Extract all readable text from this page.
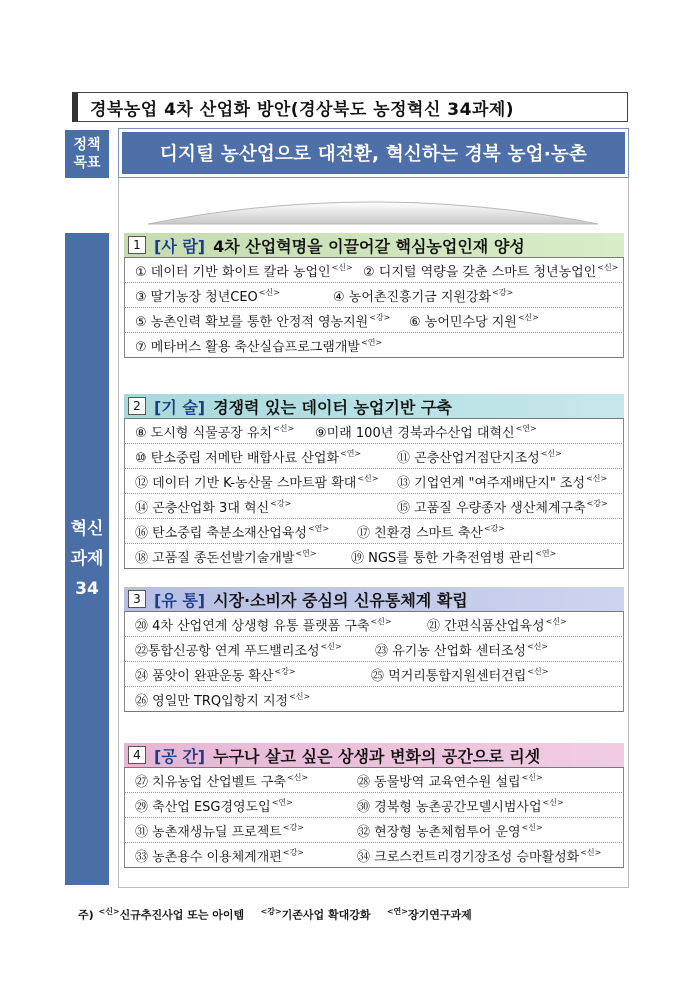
경북농업 4차 산업화 방안(경상북도 농정혁신 34과제)
정책
목표	디지털 농산업으로 대전환, 혁신하는 경북 농업·농촌
혁신
과제
34
1 [사 람] 4차 산업혁명을 이끌어갈 핵심농업인재 양성
① 데이터 기반 화이트 칼라 농업인$^{<신>}$ ② 디지털 역량을 갖춘 스마트 청년농업인$^{<신>}$
③ 딸기농장 청년$CEO^{<신>}$	④ 농어촌진흥기금 지원강화$^{<강>}$
⑤ 농촌인력 확보를 통한 안정적 영농지원$^{<강>}$ ⑥ 농어민수당 지원$^{<신>}$
⑦ 메타버스 활용 축산실습프로그램개발$^{<연>}$
2 [기 술] 경쟁력 있는 데이터 농업기반 구축
⑧ 도시형 식물공장 유치$^{<신>}$ ⑨미래 100년 경북과수산업 대혁신$^{<연>}$
⑩ 탄소중립 저메탄 배합사료 산업화$^{<연>}$	⑪ 곤충산업거점단지조성$^{<신>}$
⑫ 데이터 기반 K-농산물 스마트팜 확대$^{<신>}$ ⑬ 기업연계 "여주재배단지" 조성$^{<신>}$
⑭ 곤충산업화 3대 혁신$^{<강>}$	⑮ 고품질 우량종자 생산체계구축$^{<강>}$
⑯ 탄소중립 축분소재산업육성$^{<연>}$ ⑰ 친환경 스마트 축산$^{<강>}$
⑱ 고품질 종돈선발기술개발$^{<연>}$	⑲ NGS를 통한 가축전염병 관리$^{<연>}$
3 [유 통] 시장·소비자 중심의 신유통체계 확립
⑳ 4차 산업연계 상생형 유통 플랫폼 구축$^{<신>}$	㉑ 간편식품산업육성$^{<신>}$
㉒통합신공항 연계 푸드밸리조성$^{<신>}$	㉓ 유기농 산업화 센터조성$^{<신>}$
㉔ 품앗이 완판운동 확산$^{<강>}$	㉕ 먹거리통합지원센터건립$^{<신>}$
㉖ 영일만 TRQ입항지 지정$^{<신>}$
4 [공 간] 누구나 살고 싶은 상생과 변화의 공간으로 리셋
㉗ 치유농업 산업벨트 구축$^{<신>}$	㉘ 동물방역 교육연수원 설립$^{<신>}$
㉙ 축산업 ESG경영도입$^{<연>}$	㉚ 경북형 농촌공간모델시범사업$^{<신>}$
㉛ 농촌재생뉴딜 프로젝트$^{<강>}$	㉜ 현장형 농촌체험투어 운영$^{<신>}$
㉝ 농촌용수 이용체계개편$^{<강>}$	㉞ 크로스컨트리경기장조성 승마활성화$^{<신>}$
주) $^{<신>}$신규추진사업 또는 아이템 $^{<강>}$기존사업 확대강화 $^{<연>}$장기연구과제
